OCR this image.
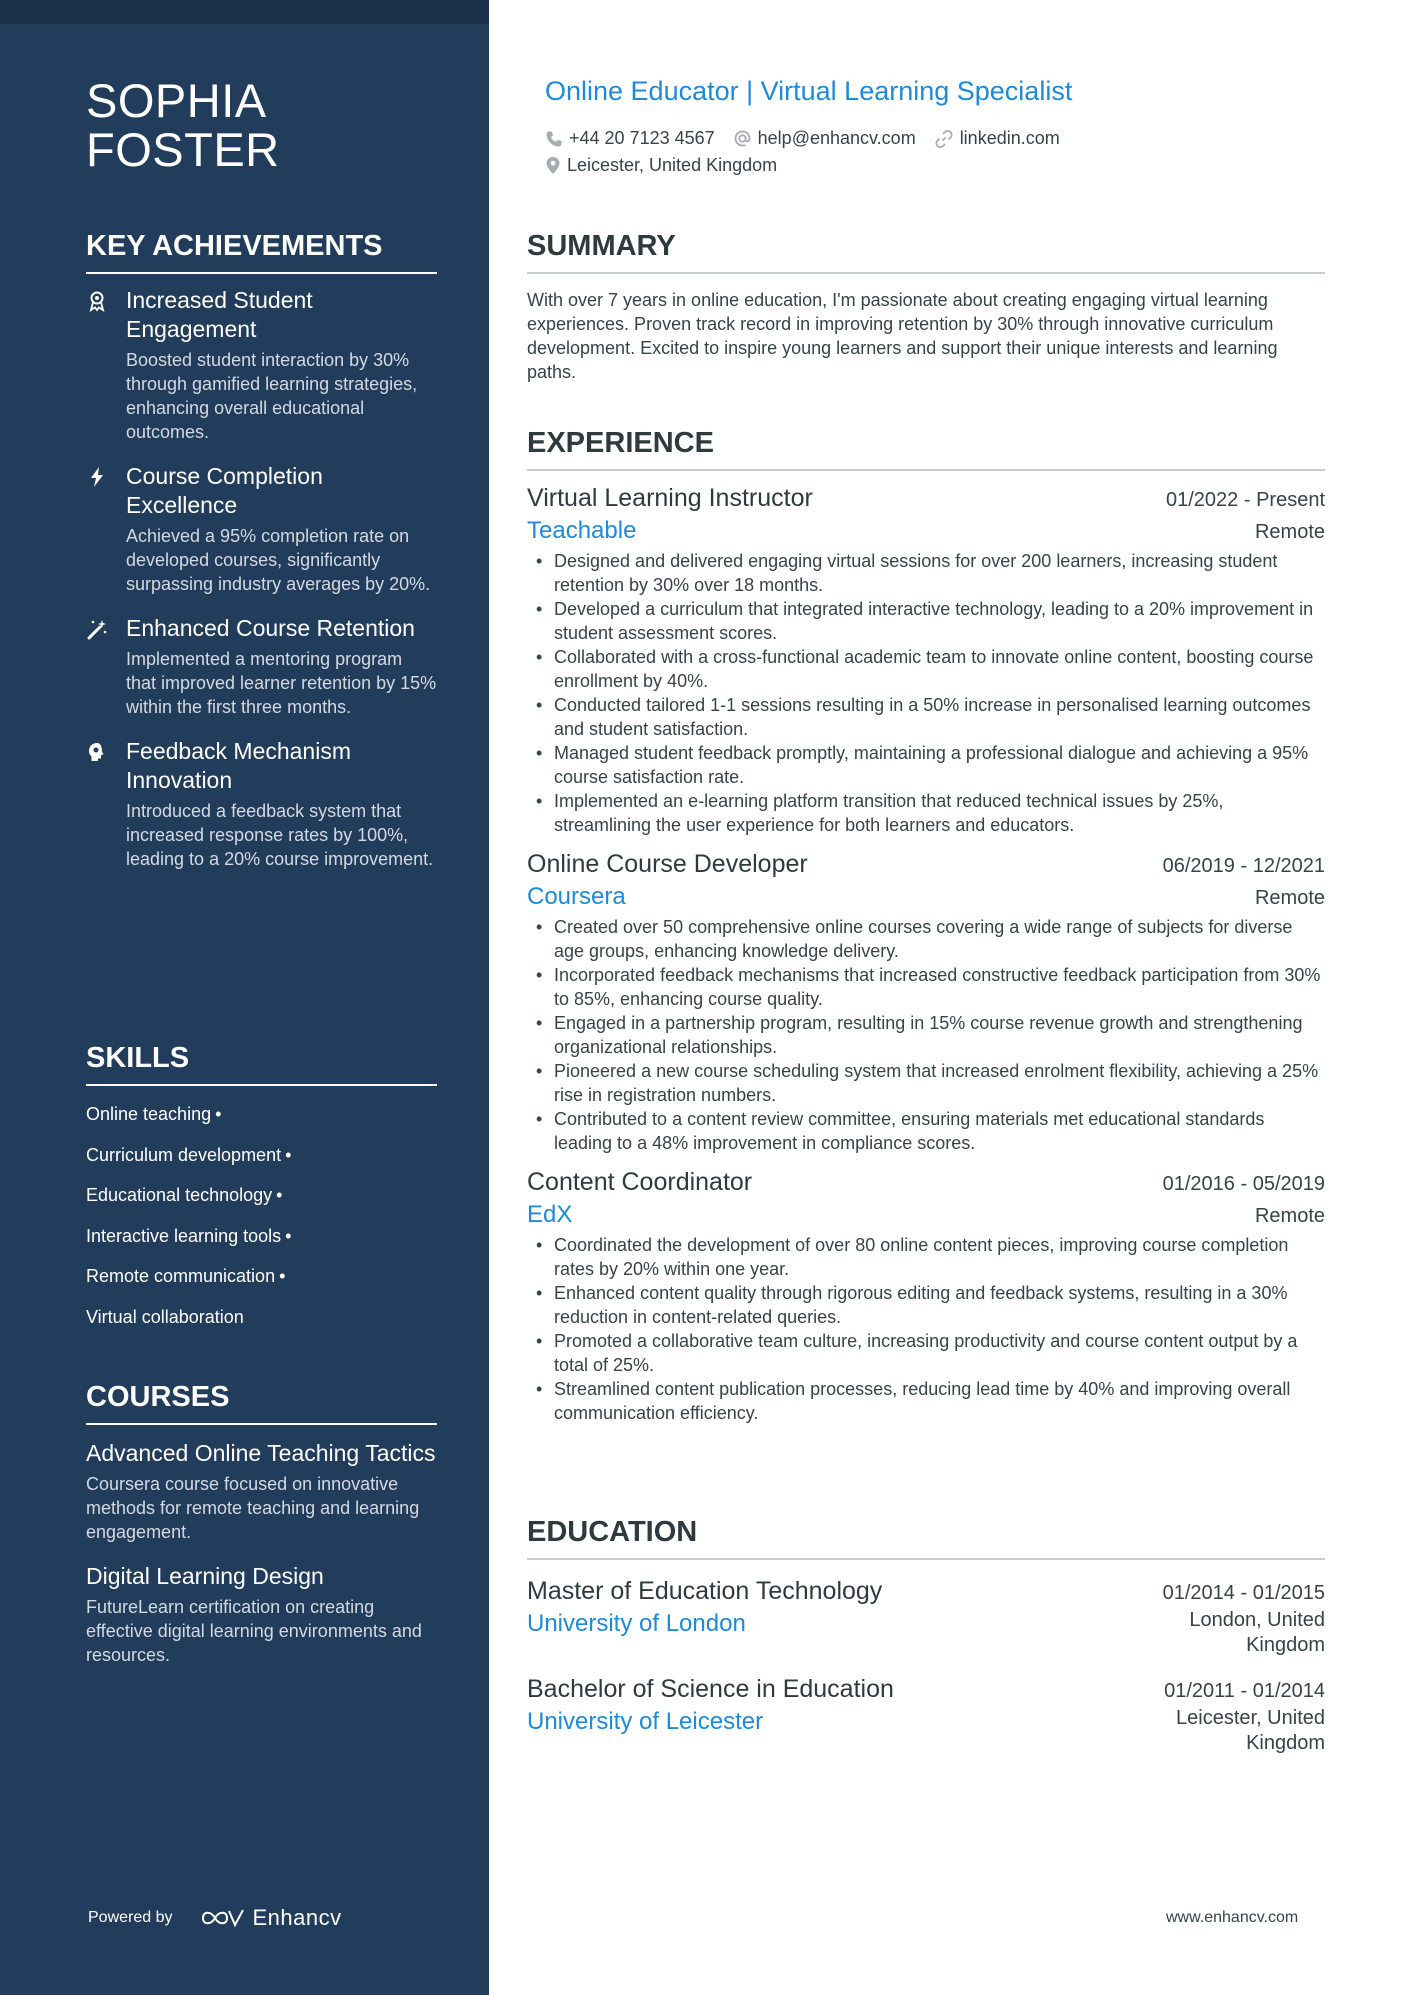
SOPHIA
FOSTER
KEY ACHIEVEMENTS
Increased Student Engagement
Boosted student interaction by 30% through gamified learning strategies, enhancing overall educational outcomes.
Course Completion Excellence
Achieved a 95% completion rate on developed courses, significantly surpassing industry averages by 20%.
Enhanced Course Retention
Implemented a mentoring program that improved learner retention by 15% within the first three months.
Feedback Mechanism Innovation
Introduced a feedback system that increased response rates by 100%, leading to a 20% course improvement.
SKILLS
Online teaching •
Curriculum development •
Educational technology •
Interactive learning tools •
Remote communication •
Virtual collaboration
COURSES
Advanced Online Teaching Tactics
Coursera course focused on innovative methods for remote teaching and learning engagement.
Digital Learning Design
FutureLearn certification on creating effective digital learning environments and resources.
Powered by	Enhancv
Online Educator | Virtual Learning Specialist
+44 20 7123 4567 help@enhancv.com linkedin.com
Leicester, United Kingdom
SUMMARY

With over 7 years in online education, I'm passionate about creating engaging virtual learning experiences. Proven track record in improving retention by 30% through innovative curriculum development. Excited to inspire young learners and support their unique interests and learning paths.

EXPERIENCE
Virtual Learning Instructor	01/2022 - Present
Teachable	Remote
• Designed and delivered engaging virtual sessions for over 200 learners, increasing student retention by 30% over 18 months.
• Developed a curriculum that integrated interactive technology, leading to a 20% improvement in student assessment scores.
• Collaborated with a cross-functional academic team to innovate online content, boosting course enrollment by 40%.
• Conducted tailored 1-1 sessions resulting in a 50% increase in personalised learning outcomes and student satisfaction.
• Managed student feedback promptly, maintaining a professional dialogue and achieving a 95% course satisfaction rate.
• Implemented an e-learning platform transition that reduced technical issues by 25%, streamlining the user experience for both learners and educators.
Online Course Developer	06/2019 - 12/2021
Coursera	Remote
• Created over 50 comprehensive online courses covering a wide range of subjects for diverse age groups, enhancing knowledge delivery.
• Incorporated feedback mechanisms that increased constructive feedback participation from 30% to 85%, enhancing course quality.
• Engaged in a partnership program, resulting in 15% course revenue growth and strengthening organizational relationships.
• Pioneered a new course scheduling system that increased enrolment flexibility, achieving a 25% rise in registration numbers.
• Contributed to a content review committee, ensuring materials met educational standards leading to a 48% improvement in compliance scores.
Content Coordinator	01/2016 - 05/2019
EdX	Remote
• Coordinated the development of over 80 online content pieces, improving course completion rates by 20% within one year.
• Enhanced content quality through rigorous editing and feedback systems, resulting in a 30% reduction in content-related queries.
• Promoted a collaborative team culture, increasing productivity and course content output by a total of 25%.
• Streamlined content publication processes, reducing lead time by 40% and improving overall communication efficiency.
EDUCATION
Master of Education Technology	01/2014 - 01/2015
University of London	London, United Kingdom
Bachelor of Science in Education	01/2011 - 01/2014
University of Leicester	Leicester, United Kingdom
www.enhancv.com
